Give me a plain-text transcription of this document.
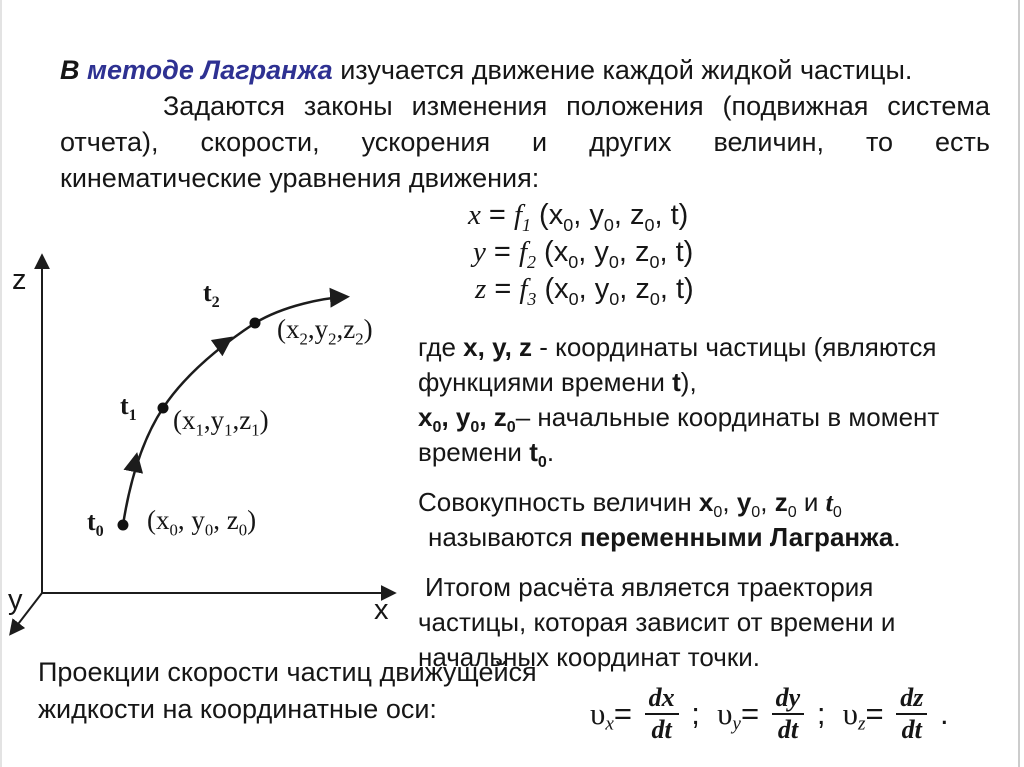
В методе Лагранжа изучается движение каждой жидкой частицы.
Задаются законы изменения положения (подвижная система
отчета), скорости, ускорения и других величин, то есть
кинематические уравнения движения:
$x = f_1$ ($x_0$, $y_0$, $z_0$, t)
$y = f_2$ ($x_0$, $y_0$, $z_0$, t)
$z = f_3$ ($x_0$, $y_0$, $z_0$, t)
z
y	x
$t_0$ ($x_0$, $y_0$, $z_0$)
$t_1$ $(x_1,y_1,z_1)$
$t_2$
$(x_2,y_2,z_2)$
где x, y, z - координаты частицы (являются
функциями времени t),
$x_0$, $y_0$, $z_0-$ начальные координаты в момент
времени $t_0$.
Совокупность величин $x_0$, $y_0$, $z_0$ и $t_0$
называются переменными Лагранжа.
Итогом расчёта является траектория
частицы, которая зависит от времени и
начальных координат точки.
Проекции скорости частиц движущейся
жидкости на координатные оси:	$\upsilon_x= \frac{dx}{dt}$ ;  $\upsilon_y= \frac{dy}{dt}$ ;  $\upsilon_z= \frac{dz}{dt}$ .
